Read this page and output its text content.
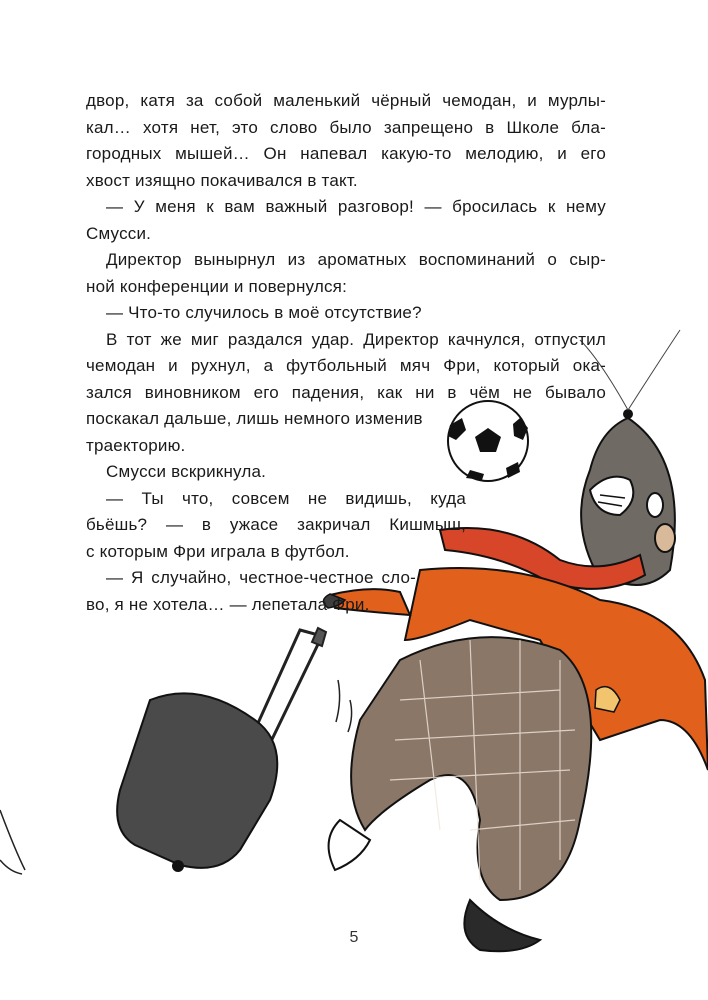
двор, катя за собой маленький чёрный чемодан, и мурлы-

кал… хотя нет, это слово было запрещено в Школе бла-

городных мышей… Он напевал какую-то мелодию, и его

хвост изящно покачивался в такт.

— У меня к вам важный разговор! — бросилась к нему

Смусси.

Директор вынырнул из ароматных воспоминаний о сыр-

ной конференции и повернулся:

— Что-то случилось в моё отсутствие?

В тот же миг раздался удар. Директор качнулся, отпустил

чемодан и рухнул, а футбольный мяч Фри, который ока-

зался виновником его падения, как ни в чём не бывало

поскакал дальше, лишь немного изменив

траекторию.

Смусси вскрикнула.

— Ты что, совсем не видишь, куда

бьёшь? — в ужасе закричал Кишмыш,

с которым Фри играла в футбол.

— Я случайно, честное-честное сло-

во, я не хотела… — лепетала Фри.

5
